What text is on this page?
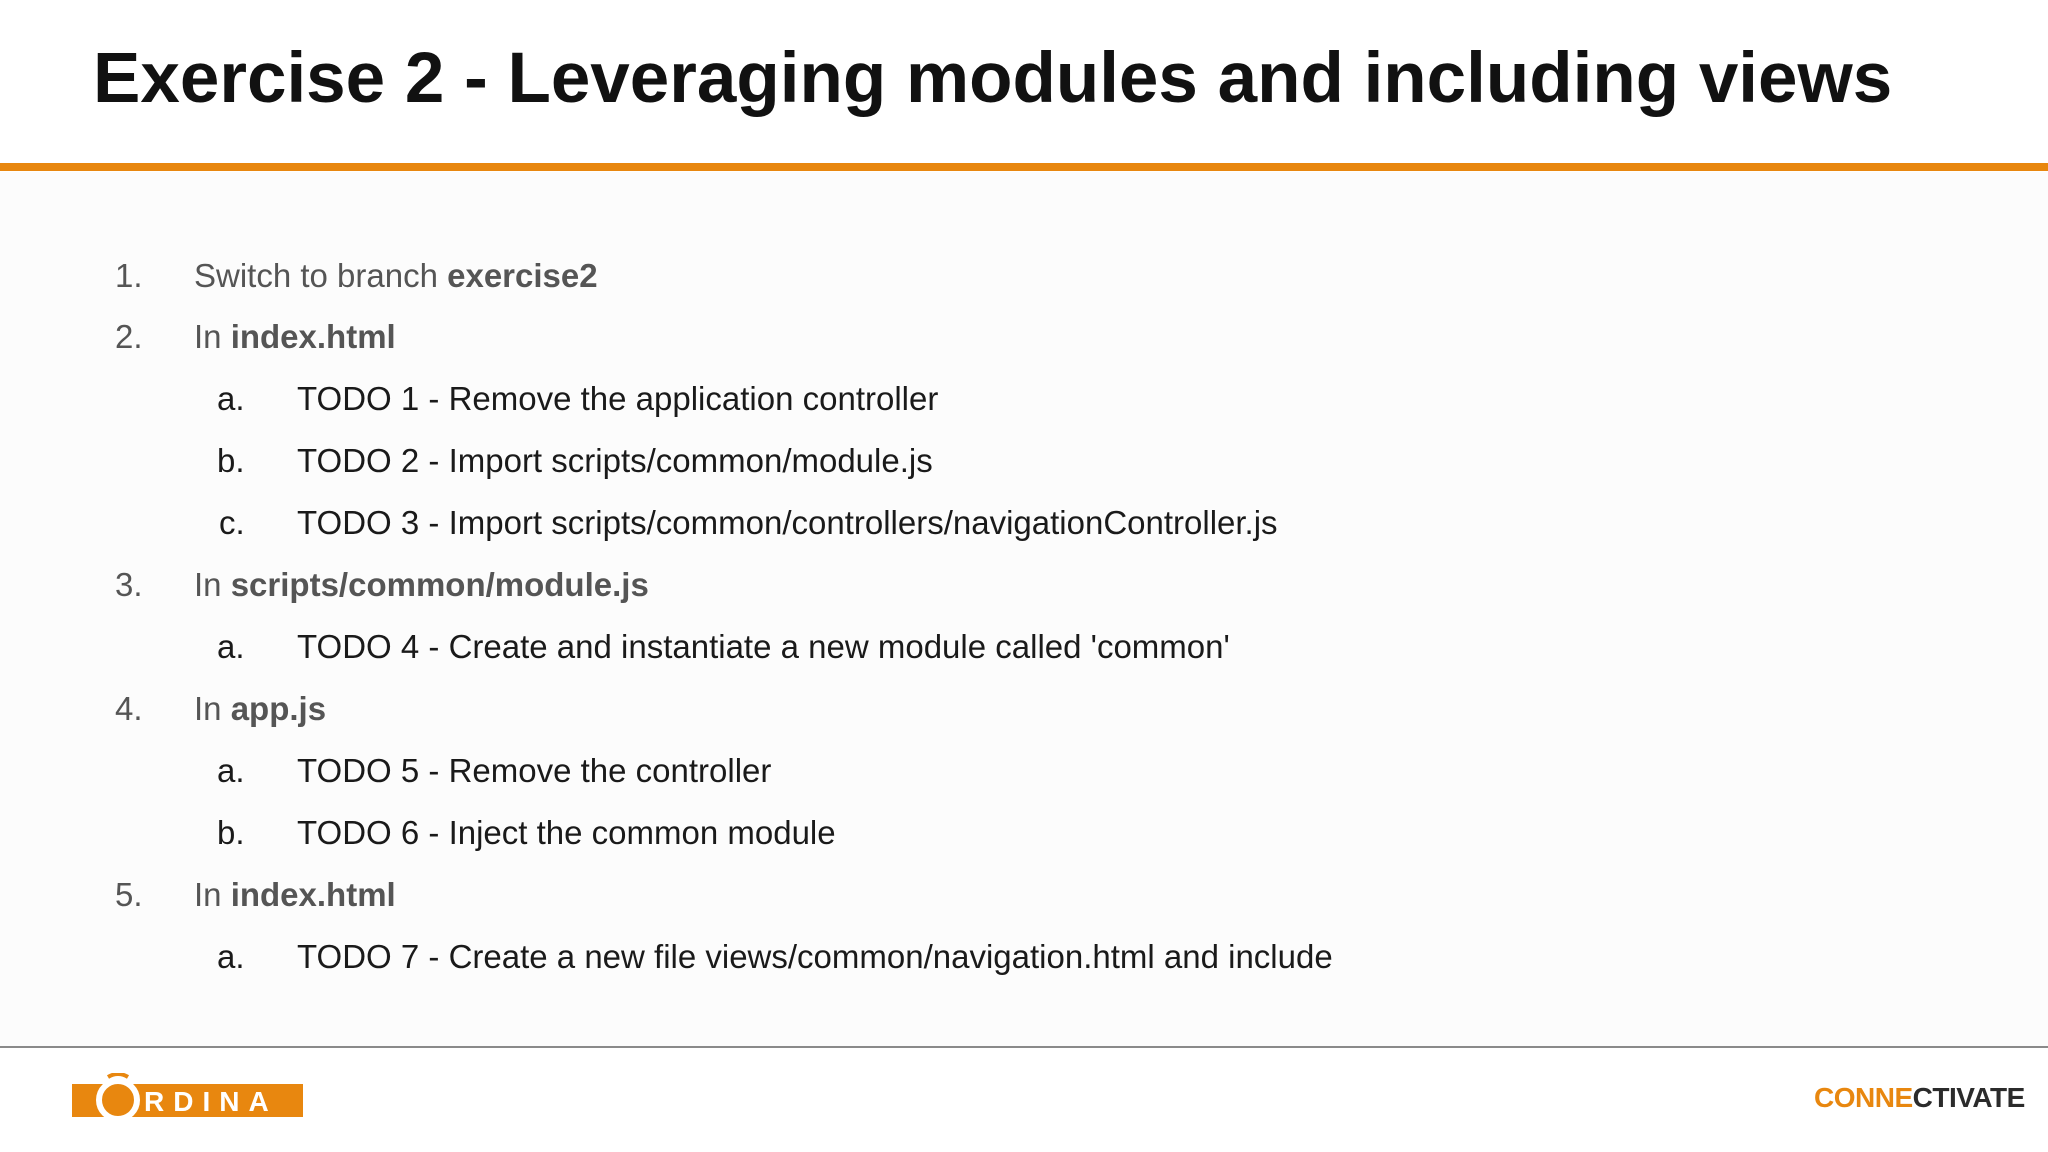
Exercise 2 - Leveraging modules and including views
1. Switch to branch exercise2
2. In index.html
a. TODO 1 - Remove the application controller
b. TODO 2 - Import scripts/common/module.js
c. TODO 3 - Import scripts/common/controllers/navigationController.js
3. In scripts/common/module.js
a. TODO 4 - Create and instantiate a new module called 'common'
4. In app.js
a. TODO 5 - Remove the controller
b. TODO 6 - Inject the common module
5. In index.html
a. TODO 7 - Create a new file views/common/navigation.html and include
RDINA	CONNECTIVATE
